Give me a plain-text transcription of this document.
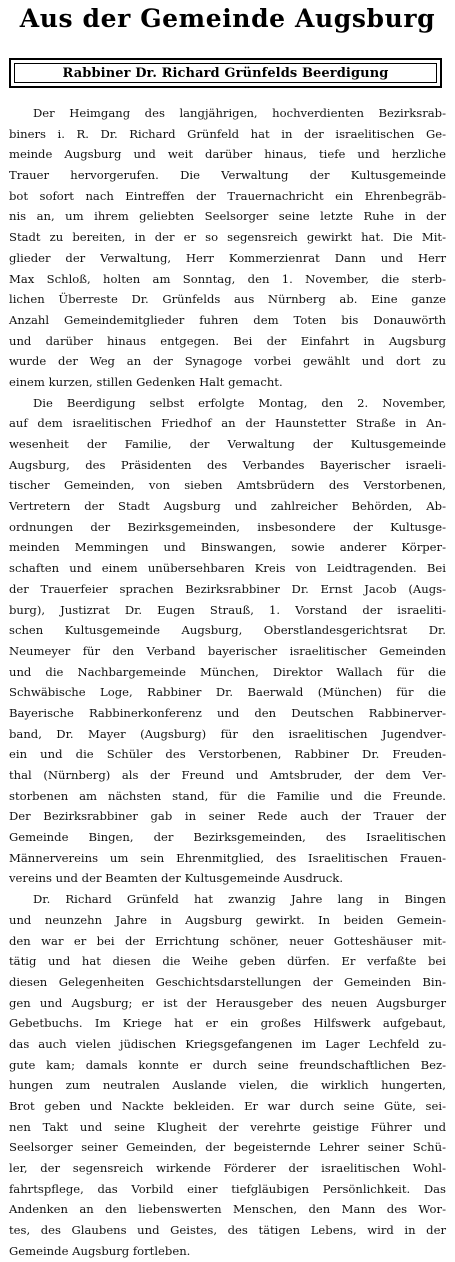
Aus der Gemeinde Augsburg
Rabbiner Dr. Richard Grünfelds Beerdigung
Der Heimgang des langjährigen, hochverdienten Bezirksrab-
biners i. R. Dr. Richard Grünfeld hat in der israelitischen Ge-
meinde Augsburg und weit darüber hinaus, tiefe und herzliche
Trauer hervorgerufen. Die Verwaltung der Kultusgemeinde
bot sofort nach Eintreffen der Trauernachricht ein Ehrenbegräb-
nis an, um ihrem geliebten Seelsorger seine letzte Ruhe in der
Stadt zu bereiten, in der er so segensreich gewirkt hat. Die Mit-
glieder der Verwaltung, Herr Kommerzienrat Dann und Herr
Max Schloß, holten am Sonntag, den 1. November, die sterb-
lichen Überreste Dr. Grünfelds aus Nürnberg ab. Eine ganze
Anzahl Gemeindemitglieder fuhren dem Toten bis Donauwörth
und darüber hinaus entgegen. Bei der Einfahrt in Augsburg
wurde der Weg an der Synagoge vorbei gewählt und dort zu
einem kurzen, stillen Gedenken Halt gemacht.
Die Beerdigung selbst erfolgte Montag, den 2. November,
auf dem israelitischen Friedhof an der Haunstetter Straße in An-
wesenheit der Familie, der Verwaltung der Kultusgemeinde
Augsburg, des Präsidenten des Verbandes Bayerischer israeli-
tischer Gemeinden, von sieben Amtsbrüdern des Verstorbenen,
Vertretern der Stadt Augsburg und zahlreicher Behörden, Ab-
ordnungen der Bezirksgemeinden, insbesondere der Kultusge-
meinden Memmingen und Binswangen, sowie anderer Körper-
schaften und einem unübersehbaren Kreis von Leidtragenden. Bei
der Trauerfeier sprachen Bezirksrabbiner Dr. Ernst Jacob (Augs-
burg), Justizrat Dr. Eugen Strauß, 1. Vorstand der israeliti-
schen Kultusgemeinde Augsburg, Oberstlandesgerichtsrat Dr.
Neumeyer für den Verband bayerischer israelitischer Gemeinden
und die Nachbargemeinde München, Direktor Wallach für die
Schwäbische Loge, Rabbiner Dr. Baerwald (München) für die
Bayerische Rabbinerkonferenz und den Deutschen Rabbinerver-
band, Dr. Mayer (Augsburg) für den israelitischen Jugendver-
ein und die Schüler des Verstorbenen, Rabbiner Dr. Freuden-
thal (Nürnberg) als der Freund und Amtsbruder, der dem Ver-
storbenen am nächsten stand, für die Familie und die Freunde.
Der Bezirksrabbiner gab in seiner Rede auch der Trauer der
Gemeinde Bingen, der Bezirksgemeinden, des Israelitischen
Männervereins um sein Ehrenmitglied, des Israelitischen Frauen-
vereins und der Beamten der Kultusgemeinde Ausdruck.
Dr. Richard Grünfeld hat zwanzig Jahre lang in Bingen
und neunzehn Jahre in Augsburg gewirkt. In beiden Gemein-
den war er bei der Errichtung schöner, neuer Gotteshäuser mit-
tätig und hat diesen die Weihe geben dürfen. Er verfaßte bei
diesen Gelegenheiten Geschichtsdarstellungen der Gemeinden Bin-
gen und Augsburg; er ist der Herausgeber des neuen Augsburger
Gebetbuchs. Im Kriege hat er ein großes Hilfswerk aufgebaut,
das auch vielen jüdischen Kriegsgefangenen im Lager Lechfeld zu-
gute kam; damals konnte er durch seine freundschaftlichen Bez-
hungen zum neutralen Auslande vielen, die wirklich hungerten,
Brot geben und Nackte bekleiden. Er war durch seine Güte, sei-
nen Takt und seine Klugheit der verehrte geistige Führer und
Seelsorger seiner Gemeinden, der begeisternde Lehrer seiner Schü-
ler, der segensreich wirkende Förderer der israelitischen Wohl-
fahrtspflege, das Vorbild einer tiefgläubigen Persönlichkeit. Das
Andenken an den liebenswerten Menschen, den Mann des Wor-
tes, des Glaubens und Geistes, des tätigen Lebens, wird in der
Gemeinde Augsburg fortleben.
